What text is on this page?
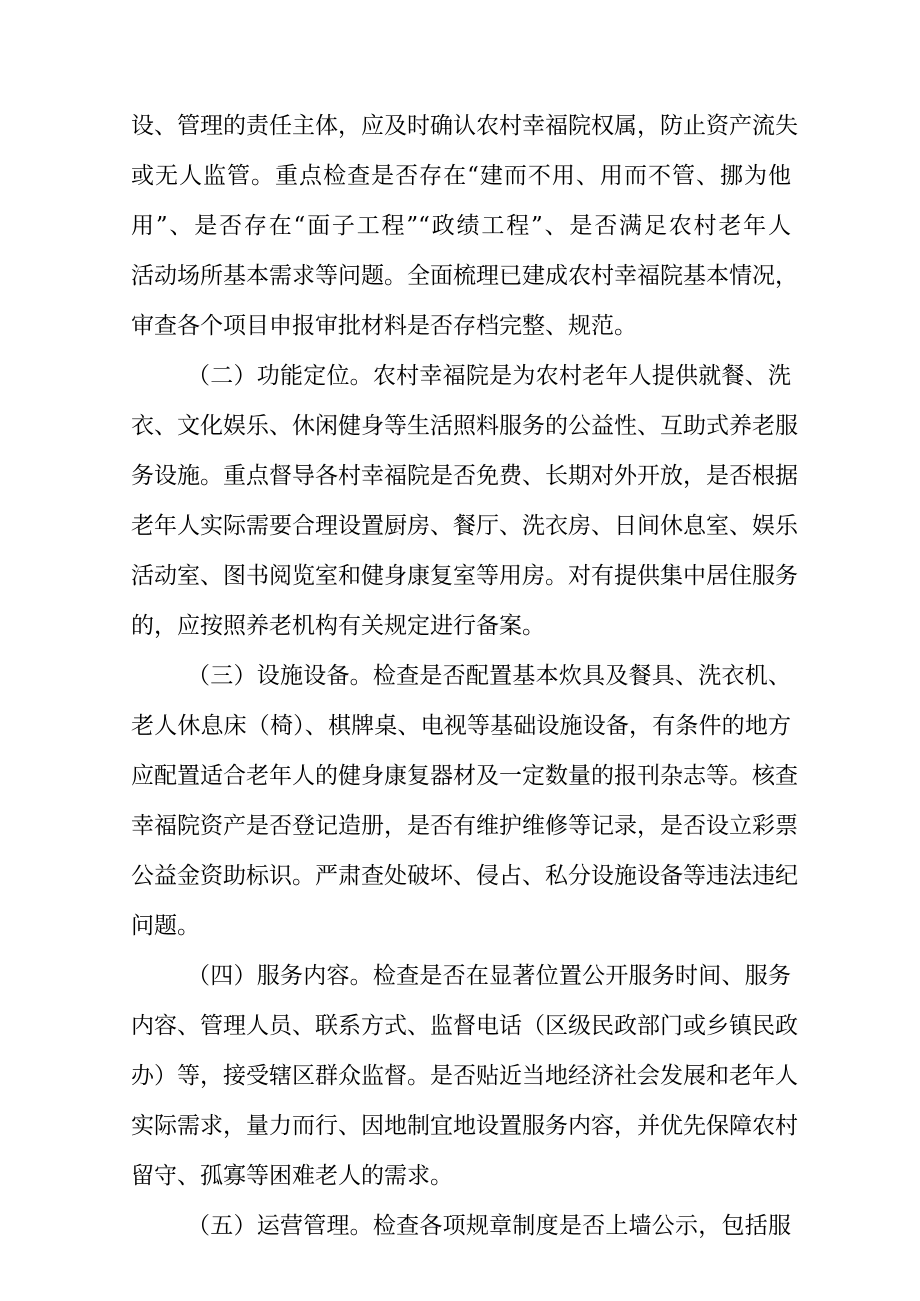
设、管理的责任主体，应及时确认农村幸福院权属，防止资产流失
或无人监管。重点检查是否存在“建而不用、用而不管、挪为他
用”、是否存在“面子工程”“政绩工程”、是否满足农村老年人
活动场所基本需求等问题。全面梳理已建成农村幸福院基本情况，
审查各个项目申报审批材料是否存档完整、规范。
（二）功能定位。农村幸福院是为农村老年人提供就餐、洗
衣、文化娱乐、休闲健身等生活照料服务的公益性、互助式养老服
务设施。重点督导各村幸福院是否免费、长期对外开放，是否根据
老年人实际需要合理设置厨房、餐厅、洗衣房、日间休息室、娱乐
活动室、图书阅览室和健身康复室等用房。对有提供集中居住服务
的，应按照养老机构有关规定进行备案。
（三）设施设备。检查是否配置基本炊具及餐具、洗衣机、
老人休息床（椅）、棋牌桌、电视等基础设施设备，有条件的地方
应配置适合老年人的健身康复器材及一定数量的报刊杂志等。核查
幸福院资产是否登记造册，是否有维护维修等记录，是否设立彩票
公益金资助标识。严肃查处破坏、侵占、私分设施设备等违法违纪
问题。
（四）服务内容。检查是否在显著位置公开服务时间、服务
内容、管理人员、联系方式、监督电话（区级民政部门或乡镇民政
办）等，接受辖区群众监督。是否贴近当地经济社会发展和老年人
实际需求，量力而行、因地制宜地设置服务内容，并优先保障农村
留守、孤寡等困难老人的需求。
（五）运营管理。检查各项规章制度是否上墙公示，包括服
